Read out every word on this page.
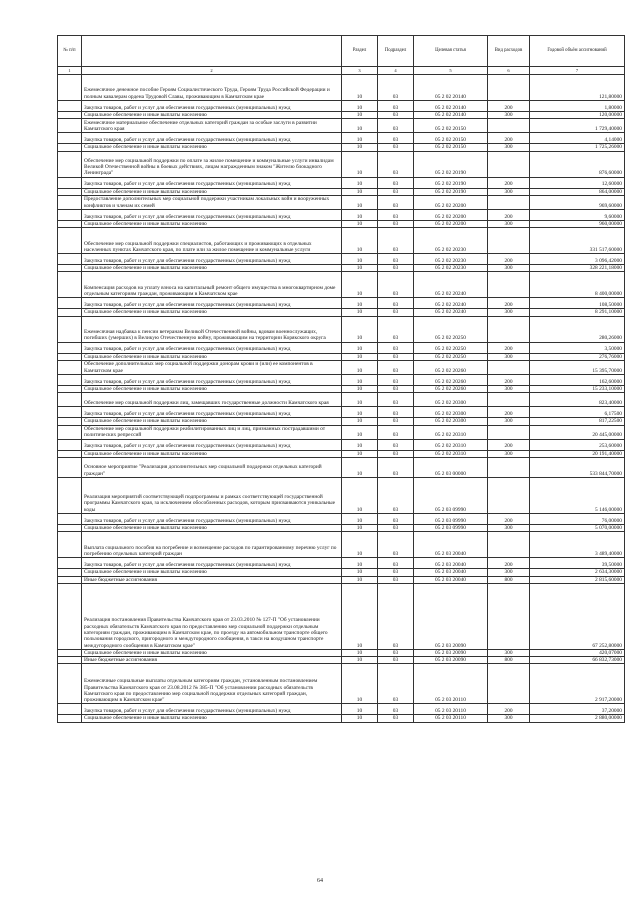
№ п/п		Раздел	Подраздел	Целевая статья	Вид расходов	Годовой объём ассигнований
1	2	3	4	5	6	7
	Ежемесячное денежное пособие Героям Социалистического Труда, Героям Труда Российской Федерации и полным кавалерам ордена Трудовой Славы, проживающим в Камчатском крае	10	03	05 2 02 20140		121,80000
	Закупка товаров, работ и услуг для обеспечения государственных (муниципальных) нужд	10	03	05 2 02 20140	200	1,80000
	Социальное обеспечение и иные выплаты населению	10	03	05 2 02 20140	300	120,00000
	Ежемесячное материальное обеспечение отдельных категорий граждан за особые заслуги в развитии Камчатского края	10	03	05 2 02 20150		1 729,40000
	Закупка товаров, работ и услуг для обеспечения государственных (муниципальных) нужд	10	03	05 2 02 20150	200	4,14000
	Социальное обеспечение и иные выплаты населению	10	03	05 2 02 20150	300	1 725,26000
	Обеспечение мер социальной поддержки по оплате за жилое помещение и коммунальные услуги инвалидам Великой Отечественной войны в боевых действиях, лицам награжденным знаком "Жителю блокадного Ленинграда"	10	03	05 2 02 20190		876,60000
	Закупка товаров, работ и услуг для обеспечения государственных (муниципальных) нужд	10	03	05 2 02 20190	200	12,60000
	Социальное обеспечение и иные выплаты населению	10	03	05 2 02 20190	300	864,00000
	Предоставление дополнительных мер социальной поддержки участникам локальных войн и вооруженных конфликтов и членам их семей	10	03	05 2 02 20200		969,60000
	Закупка товаров, работ и услуг для обеспечения государственных (муниципальных) нужд	10	03	05 2 02 20200	200	9,60000
	Социальное обеспечение и иные выплаты населению	10	03	05 2 02 20200	300	960,00000
	Обеспечение мер социальной поддержки специалистов, работающих и проживающих в отдельных населенных пунктах Камчатского края, по плате или за жилое помещение и коммунальные услуги	10	03	05 2 02 20230		331 517,60000
	Закупка товаров, работ и услуг для обеспечения государственных (муниципальных) нужд	10	03	05 2 02 20230	200	3 096,42000
	Социальное обеспечение и иные выплаты населению	10	03	05 2 02 20230	300	328 221,18000
	Компенсация расходов на уплату взноса на капитальный ремонт общего имущества в многоквартирном доме отдельным категориям граждан, проживающим в Камчатском крае	10	03	05 2 02 20240		8 400,00000
	Закупка товаров, работ и услуг для обеспечения государственных (муниципальных) нужд	10	03	05 2 02 20240	200	108,50000
	Социальное обеспечение и иные выплаты населению	10	03	05 2 02 20240	300	8 291,10000
	Ежемесячная надбавка к пенсии ветеранам Великой Отечественной войны, вдовам военнослужащих, погибших (умерших) в Великую Отечественную войну, проживающим на территории Корякского округа	10	03	05 2 02 20250		280,26000
	Закупка товаров, работ и услуг для обеспечения государственных (муниципальных) нужд	10	03	05 2 02 20250	200	3,50000
	Социальное обеспечение и иные выплаты населению	10	03	05 2 02 20250	300	276,76000
	Обеспечение дополнительных мер социальной поддержки донорам крови и (или) ее компонентов в Камчатском крае	10	03	05 2 02 20260		15 395,70000
	Закупка товаров, работ и услуг для обеспечения государственных (муниципальных) нужд	10	03	05 2 02 20260	200	162,60000
	Социальное обеспечение и иные выплаты населению	10	03	05 2 02 20260	300	15 233,10000
	Обеспечение мер социальной поддержки лиц, замещавших государственные должности Камчатского края	10	03	05 2 02 20300		823,40000
	Закупка товаров, работ и услуг для обеспечения государственных (муниципальных) нужд	10	03	05 2 02 20300	200	6,17500
	Социальное обеспечение и иные выплаты населению	10	03	05 2 02 20300	300	817,22500
	Обеспечение мер социальной поддержки реабилитированных лиц и лиц, признанных пострадавшими от политических репрессий	10	03	05 2 02 20310		20 445,00000
	Закупка товаров, работ и услуг для обеспечения государственных (муниципальных) нужд	10	03	05 2 02 20310	200	253,60000
	Социальное обеспечение и иные выплаты населению	10	03	05 2 02 20310	300	20 191,40000
	Основное мероприятие "Реализация дополнительных мер социальной поддержки отдельных категорий граждан"	10	03	05 2 03 00000		533 844,70000
	Реализация мероприятий соответствующей подпрограммы и рамках соответствующей государственной программы Камчатского края, за исключением обособленных расходов, которым присваиваются уникальные коды	10	03	05 2 03 09990		5 146,00000
	Закупка товаров, работ и услуг для обеспечения государственных (муниципальных) нужд	10	03	05 2 03 09990	200	76,00000
	Социальное обеспечение и иные выплаты населению	10	03	05 2 03 09990	300	5 070,00000
	Выплата социального пособия на погребение и возмещение расходов по гарантированному перечню услуг по погребению отдельных категорий граждан	10	03	05 2 03 20040		3 489,40000
	Закупка товаров, работ и услуг для обеспечения государственных (муниципальных) нужд	10	03	05 2 03 20040	200	39,50000
	Социальное обеспечение и иные выплаты населению	10	03	05 2 03 20040	300	2 634,30000
	Иные бюджетные ассигнования	10	03	05 2 03 20040	800	2 815,60000
	Реализация постановления Правительства Камчатского края от 23.03.2010 № 127-П "Об установлении расходных обязательств Камчатского края по предоставлению мер социальной поддержки отдельным категориям граждан, проживающим в Камчатском крае, по проезду на автомобильном транспорте общего пользования городского, пригородного и междугородного сообщения, в такси на воздушном транспорте междугородного сообщения в Камчатском крае"	10	03	05 2 03 20090		67 252,80000
	Социальное обеспечение и иные выплаты населению	10	03	05 2 03 20090	300	420,07000
	Иные бюджетные ассигнования	10	03	05 2 03 20090	800	66 832,73000
	Ежемесячные социальные выплаты отдельным категориям граждан, установленным постановлением Правительства Камчатского края от 23.08.2012 № 385-П "Об установлении расходных обязательств Камчатского края по предоставлению мер социальной поддержки отдельных категорий граждан, проживающим в Камчатском крае"	10	03	05 2 03 20110		2 917,20000
	Закупка товаров, работ и услуг для обеспечения государственных (муниципальных) нужд	10	03	05 2 03 20110	200	37,20000
	Социальное обеспечение и иные выплаты населению	10	03	05 2 03 20110	300	2 880,00000
64
